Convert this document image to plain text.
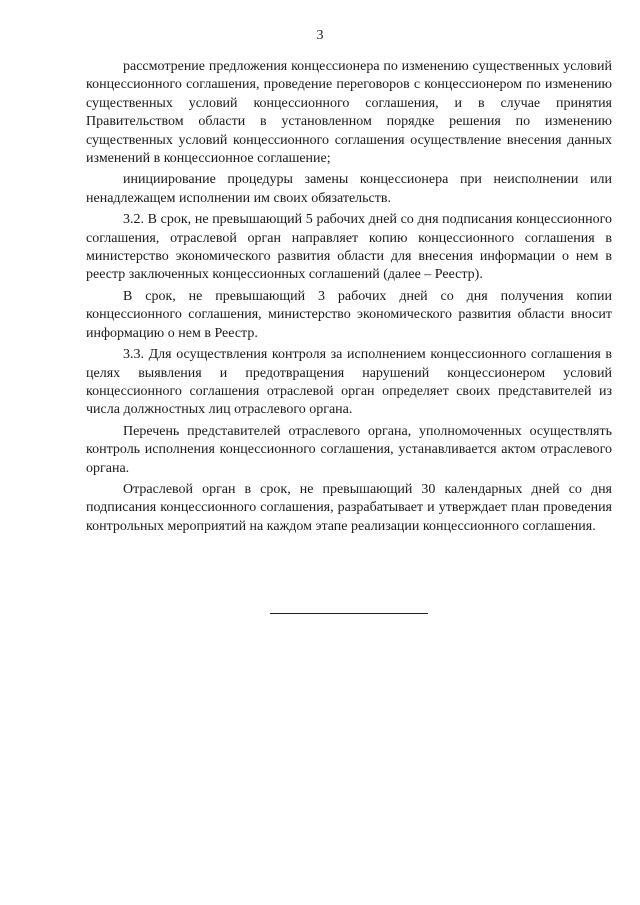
3

рассмотрение предложения концессионера по изменению существенных условий концессионного соглашения, проведение переговоров с концессионером по изменению существенных условий концессионного соглашения, и в случае принятия Правительством области в установленном порядке решения по изменению существенных условий концессионного соглашения осуществление внесения данных изменений в концессионное соглашение;

инициирование процедуры замены концессионера при неисполнении или ненадлежащем исполнении им своих обязательств.

3.2. В срок, не превышающий 5 рабочих дней со дня подписания концессионного соглашения, отраслевой орган направляет копию концессионного соглашения в министерство экономического развития области для внесения информации о нем в реестр заключенных концессионных соглашений (далее – Реестр).

В срок, не превышающий 3 рабочих дней со дня получения копии концессионного соглашения, министерство экономического развития области вносит информацию о нем в Реестр.

3.3. Для осуществления контроля за исполнением концессионного соглашения в целях выявления и предотвращения нарушений концессионером условий концессионного соглашения отраслевой орган определяет своих представителей из числа должностных лиц отраслевого органа.

Перечень представителей отраслевого органа, уполномоченных осуществлять контроль исполнения концессионного соглашения, устанавливается актом отраслевого органа.

Отраслевой орган в срок, не превышающий 30 календарных дней со дня подписания концессионного соглашения, разрабатывает и утверждает план проведения контрольных мероприятий на каждом этапе реализации концессионного соглашения.
